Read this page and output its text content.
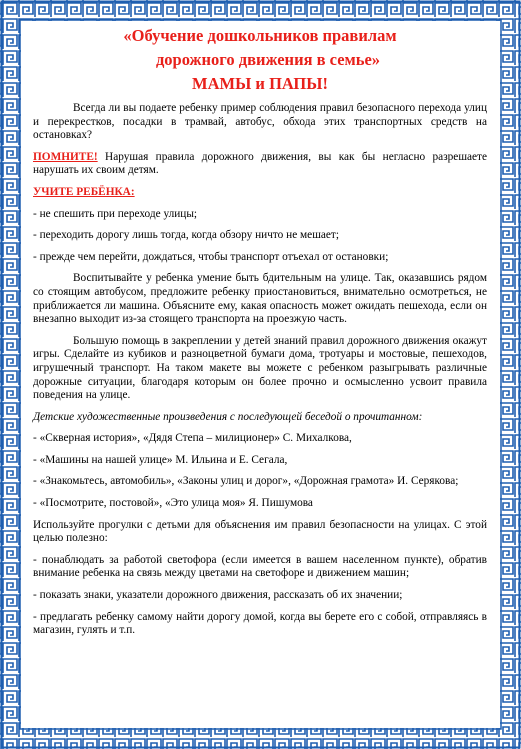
«Обучение дошкольников правилам

дорожного движения в семье»

МАМЫ и ПАПЫ!

Всегда ли вы подаете ребенку пример соблюдения правил безопасного перехода улиц и перекрестков, посадки в трамвай, автобус, обхода этих транспортных средств на остановках?

ПОМНИТЕ! Нарушая правила дорожного движения, вы как бы негласно разрешаете нарушать их своим детям.

УЧИТЕ РЕБЁНКА:

- не спешить при переходе улицы;

- переходить дорогу лишь тогда, когда обзору ничто не мешает;

- прежде чем перейти, дождаться, чтобы транспорт отъехал от остановки;

Воспитывайте у ребенка умение быть бдительным на улице. Так, оказавшись рядом со стоящим автобусом, предложите ребенку приостановиться, внимательно осмотреться, не приближается ли машина. Объясните ему, какая опасность может ожидать пешехода, если он внезапно выходит из-за стоящего транспорта на проезжую часть.

Большую помощь в закреплении у детей знаний правил дорожного движения окажут игры. Сделайте из кубиков и разноцветной бумаги дома, тротуары и мостовые, пешеходов, игрушечный транспорт. На таком макете вы можете с ребенком разыгрывать различные дорожные ситуации, благодаря которым он более прочно и осмысленно усвоит правила поведения на улице.

Детские художественные произведения с последующей беседой о прочитанном:

- «Скверная история», «Дядя Степа – милиционер» С. Михалкова,

- «Машины на нашей улице» М. Ильина и Е. Сегала,

- «Знакомьтесь, автомобиль», «Законы улиц и дорог», «Дорожная грамота» И. Серякова;

- «Посмотрите, постовой», «Это улица моя» Я. Пишумова

Используйте прогулки с детьми для объяснения им правил безопасности на улицах. С этой целью полезно:

- понаблюдать за работой светофора (если имеется в вашем населенном пункте), обратив внимание ребенка на связь между цветами на светофоре и движением машин;

- показать знаки, указатели дорожного движения, рассказать об их значении;

- предлагать ребенку самому найти дорогу домой, когда вы берете его с собой, отправляясь в магазин, гулять и т.п.
